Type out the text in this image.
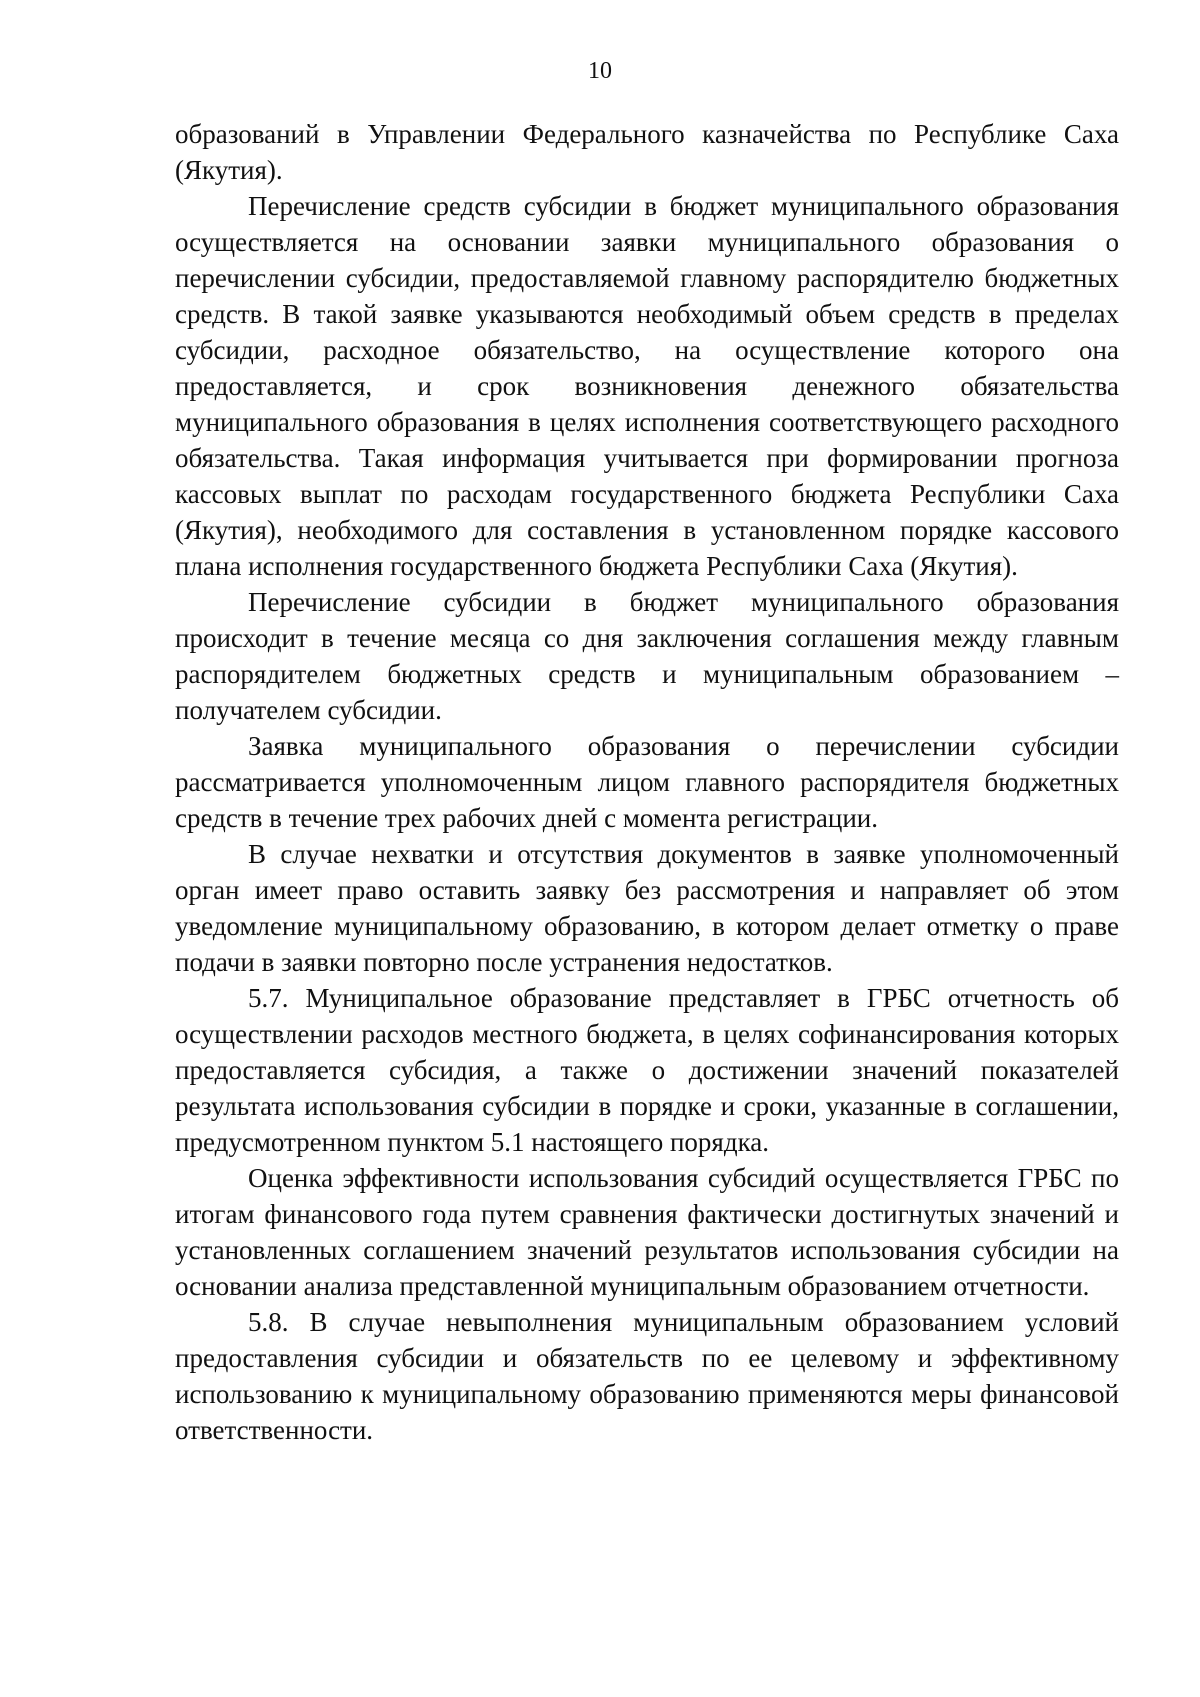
10

образований в Управлении Федерального казначейства по Республике Саха (Якутия).

Перечисление средств субсидии в бюджет муниципального образования осуществляется на основании заявки муниципального образования о перечислении субсидии, предоставляемой главному распорядителю бюджетных средств. В такой заявке указываются необходимый объем средств в пределах субсидии, расходное обязательство, на осуществление которого она предоставляется, и срок возникновения денежного обязательства муниципального образования в целях исполнения соответствующего расходного обязательства. Такая информация учитывается при формировании прогноза кассовых выплат по расходам государственного бюджета Республики Саха (Якутия), необходимого для составления в установленном порядке кассового плана исполнения государственного бюджета Республики Саха (Якутия).

Перечисление субсидии в бюджет муниципального образования происходит в течение месяца со дня заключения соглашения между главным распорядителем бюджетных средств и муниципальным образованием – получателем субсидии.

Заявка муниципального образования о перечислении субсидии рассматривается уполномоченным лицом главного распорядителя бюджетных средств в течение трех рабочих дней с момента регистрации.

В случае нехватки и отсутствия документов в заявке уполномоченный орган имеет право оставить заявку без рассмотрения и направляет об этом уведомление муниципальному образованию, в котором делает отметку о праве подачи в заявки повторно после устранения недостатков.

5.7. Муниципальное образование представляет в ГРБС отчетность об осуществлении расходов местного бюджета, в целях софинансирования которых предоставляется субсидия, а также о достижении значений показателей результата использования субсидии в порядке и сроки, указанные в соглашении, предусмотренном пунктом 5.1 настоящего порядка.

Оценка эффективности использования субсидий осуществляется ГРБС по итогам финансового года путем сравнения фактически достигнутых значений и установленных соглашением значений результатов использования субсидии на основании анализа представленной муниципальным образованием отчетности.

5.8. В случае невыполнения муниципальным образованием условий предоставления субсидии и обязательств по ее целевому и эффективному использованию к муниципальному образованию применяются меры финансовой ответственности.
